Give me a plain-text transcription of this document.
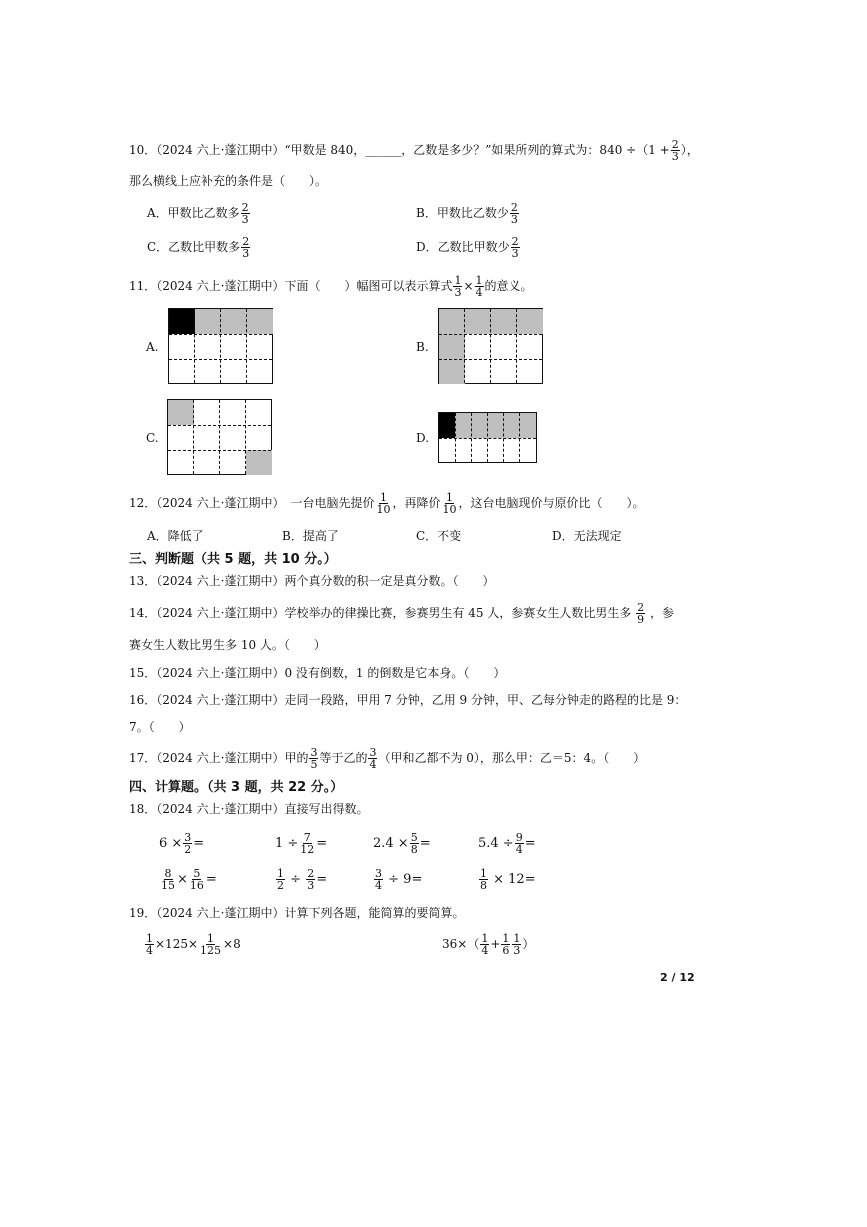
10．（2024 六上·蓬江期中）“甲数是 840，______，乙数是多少？”如果所列的算式为：$840 \div(1 + \frac{2}{3}$ ），
那么横线上应补充的条件是（　　）。
A．甲数比乙数多 $\frac{2}{3}$	B．甲数比乙数少 $\frac{2}{3}$
C．乙数比甲数多 $\frac{2}{3}$	D．乙数比甲数少 $\frac{2}{3}$
11．（2024 六上·蓬江期中）下面（　　）幅图可以表示算式 $\frac{1}{3} \times \frac{1}{4}$ 的意义。
A.	B.
C.	D.
12．（2024 六上·蓬江期中）　一台电脑先提价 $\frac{1}{10}$ ，再降价 $\frac{1}{10}$ ，这台电脑现价与原价比（　　）。
A．降低了	B．提高了	C．不变	D．无法现定
三、判断题（共 5 题，共 10 分。）
13．（2024 六上·蓬江期中）两个真分数的积一定是真分数。（　　）
14．（2024 六上·蓬江期中）学校举办的律操比赛，参赛男生有 45 人，参赛女生人数比男生多 $\frac{2}{9}$ ，参
赛女生人数比男生多 10 人。（　　）
15．（2024 六上·蓬江期中）0 没有倒数，1 的倒数是它本身。（　　）
16．（2024 六上·蓬江期中）走同一段路，甲用 7 分钟，乙用 9 分钟，甲、乙每分钟走的路程的比是 9：
7。（　　）
17．（2024 六上·蓬江期中）甲的 $\frac{3}{5}$ 等于乙的 $\frac{3}{4}$ （甲和乙都不为 0），那么甲：乙＝5：4。（　　）
四、计算题。（共 3 题，共 22 分。）
18．（2024 六上·蓬江期中）直接写出得数。
$6 \times \frac{3}{2}$ =	$1 \div \frac{7}{12}$ =	$2.4 \times \frac{5}{8}$ =	$5.4 \div \frac{9}{4}$ =
$\frac{8}{15} \times \frac{5}{16}$ =	$\frac{1}{2} \div \frac{2}{3}$ =	$\frac{3}{4} \div 9=$	$\frac{1}{8} \times 12=$
19．（2024 六上·蓬江期中）计算下列各题，能简算的要简算。
$\frac{1}{4} \times 125\times \frac{1}{125} \times 8$	$36\times( \frac{1}{4} + \frac{1}{6} \frac{1}{3}$ ）
2 / 12
